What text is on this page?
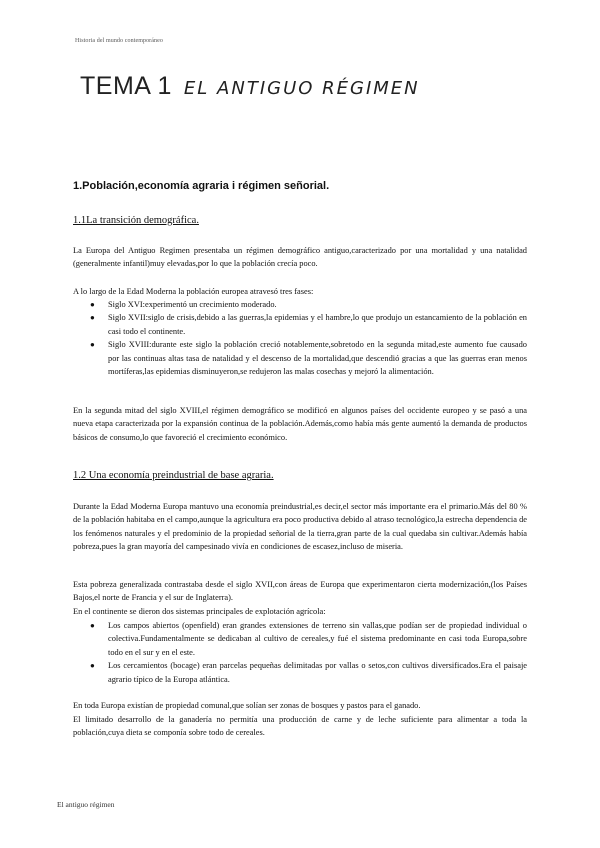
Historia del mundo contemporáneo
TEMA 1 EL ANTIGUO RÉGIMEN
1.Población,economía agraria i régimen señorial.
1.1La transición demográfica.
La Europa del Antiguo Regimen presentaba un régimen demográfico antiguo,caracterizado por una mortalidad y una natalidad (generalmente infantil)muy elevadas,por lo que la población crecía poco.
A lo largo de la Edad Moderna la población europea atravesó tres fases:
● Siglo XVI:experimentó un crecimiento moderado.
● Siglo XVII:siglo de crisis,debido a las guerras,la epidemias y el hambre,lo que produjo un estancamiento de la población en casi todo el continente.
● Siglo XVIII:durante este siglo la población creció notablemente,sobretodo en la segunda mitad,este aumento fue causado por las continuas altas tasa de natalidad y el descenso de la mortalidad,que descendió gracias a que las guerras eran menos mortíferas,las epidemias disminuyeron,se redujeron las malas cosechas y mejoró la alimentación.
En la segunda mitad del siglo XVIII,el régimen demográfico se modificó en algunos países del occidente europeo y se pasó a una nueva etapa caracterizada por la expansión continua de la población.Además,como había más gente aumentó la demanda de productos básicos de consumo,lo que favoreció el crecimiento económico.
1.2 Una economía preindustrial de base agraria.
Durante la Edad Moderna Europa mantuvo una economía preindustrial,es decir,el sector más importante era el primario.Más del 80 % de la población habitaba en el campo,aunque la agricultura era poco productiva debido al atraso tecnológico,la estrecha dependencia de los fenómenos naturales y el predominio de la propiedad señorial de la tierra,gran parte de la cual quedaba sin cultivar.Además había pobreza,pues la gran mayoría del campesinado vivía en condiciones de escasez,incluso de miseria.
Esta pobreza generalizada contrastaba desde el siglo XVII,con áreas de Europa que experimentaron cierta modernización,(los Países Bajos,el norte de Francia y el sur de Inglaterra).
En el continente se dieron dos sistemas principales de explotación agrícola:
● Los campos abiertos (openfield) eran grandes extensiones de terreno sin vallas,que podían ser de propiedad individual o colectiva.Fundamentalmente se dedicaban al cultivo de cereales,y fué el sistema predominante en casi toda Europa,sobre todo en el sur y en el este.
● Los cercamientos (bocage) eran parcelas pequeñas delimitadas por vallas o setos,con cultivos diversificados.Era el paisaje agrario típico de la Europa atlántica.
En toda Europa existían de propiedad comunal,que solían ser zonas de bosques y pastos para el ganado.
El limitado desarrollo de la ganadería no permitía una producción de carne y de leche suficiente para alimentar a toda la población,cuya dieta se componía sobre todo de cereales.
El antiguo régimen
